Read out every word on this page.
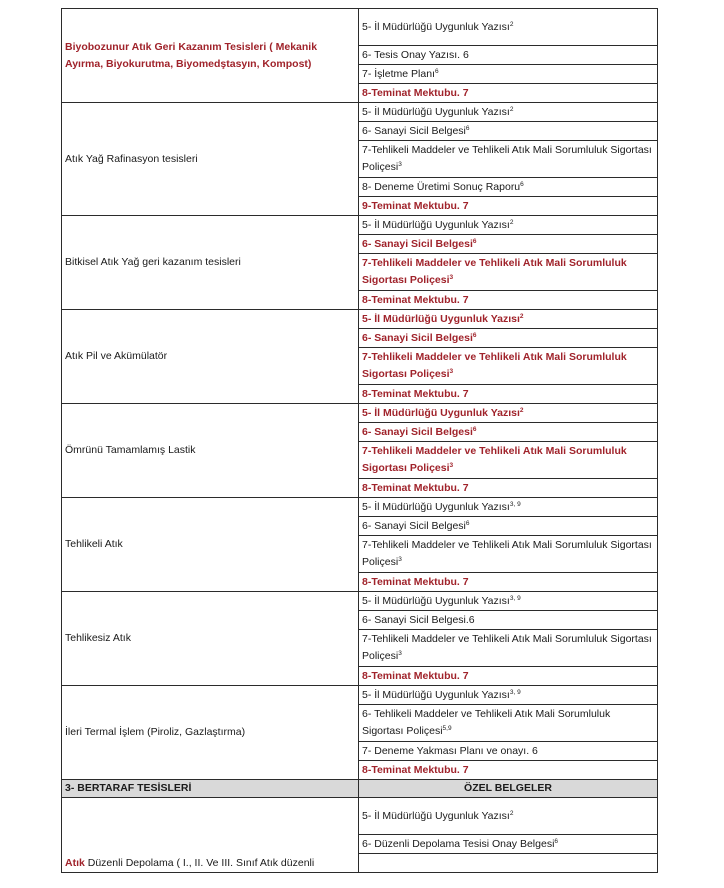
Biyobozunur Atık Geri Kazanım Tesisleri ( Mekanik Ayırma, Biyokurutma, Biyomedştasyın, Kompost)	5- İl Müdürlüğü Uygunluk Yazısı$^2$
	6- Tesis Onay Yazısı. 6
	7- İşletme Planı$^6$
	8-Teminat Mektubu. 7
Atık Yağ Rafinasyon tesisleri	5- İl Müdürlüğü Uygunluk Yazısı$^2$
	6- Sanayi Sicil Belgesi$^6$
	7-Tehlikeli Maddeler ve Tehlikeli Atık Mali Sorumluluk Sigortası Poliçesi$^3$
	8- Deneme Üretimi Sonuç Raporu$^6$
	9-Teminat Mektubu. 7
Bitkisel Atık Yağ geri kazanım tesisleri	5- İl Müdürlüğü Uygunluk Yazısı$^2$
	6- Sanayi Sicil Belgesi$^6$
	7-Tehlikeli Maddeler ve Tehlikeli Atık Mali Sorumluluk Sigortası Poliçesi$^3$
	8-Teminat Mektubu. 7
Atık Pil ve Akümülatör	5- İl Müdürlüğü Uygunluk Yazısı$^2$
	6- Sanayi Sicil Belgesi$^6$
	7-Tehlikeli Maddeler ve Tehlikeli Atık Mali Sorumluluk Sigortası Poliçesi$^3$
	8-Teminat Mektubu. 7
Ömrünü Tamamlamış Lastik	5- İl Müdürlüğü Uygunluk Yazısı$^2$
	6- Sanayi Sicil Belgesi$^6$
	7-Tehlikeli Maddeler ve Tehlikeli Atık Mali Sorumluluk Sigortası Poliçesi$^3$
	8-Teminat Mektubu. 7
Tehlikeli Atık	5- İl Müdürlüğü Uygunluk Yazısı$^{3, 9}$
	6- Sanayi Sicil Belgesi$^6$
	7-Tehlikeli Maddeler ve Tehlikeli Atık Mali Sorumluluk Sigortası Poliçesi$^3$
	8-Teminat Mektubu. 7
Tehlikesiz Atık	5- İl Müdürlüğü Uygunluk Yazısı$^{3, 9}$
	6- Sanayi Sicil Belgesi.6
	7-Tehlikeli Maddeler ve Tehlikeli Atık Mali Sorumluluk Sigortası Poliçesi$^3$
	8-Teminat Mektubu. 7
İleri Termal İşlem (Piroliz, Gazlaştırma)	5- İl Müdürlüğü Uygunluk Yazısı$^{3, 9}$
	6- Tehlikeli Maddeler ve Tehlikeli Atık Mali Sorumluluk Sigortası Poliçesi$^{5,9}$
	7- Deneme Yakması Planı ve onayı. 6
	8-Teminat Mektubu. 7
3- BERTARAF TESİSLERİ	ÖZEL BELGELER
Atık Düzenli Depolama ( I., II. Ve III. Sınıf Atık düzenli	5- İl Müdürlüğü Uygunluk Yazısı$^2$
	6- Düzenli Depolama Tesisi Onay Belgesi$^6$
